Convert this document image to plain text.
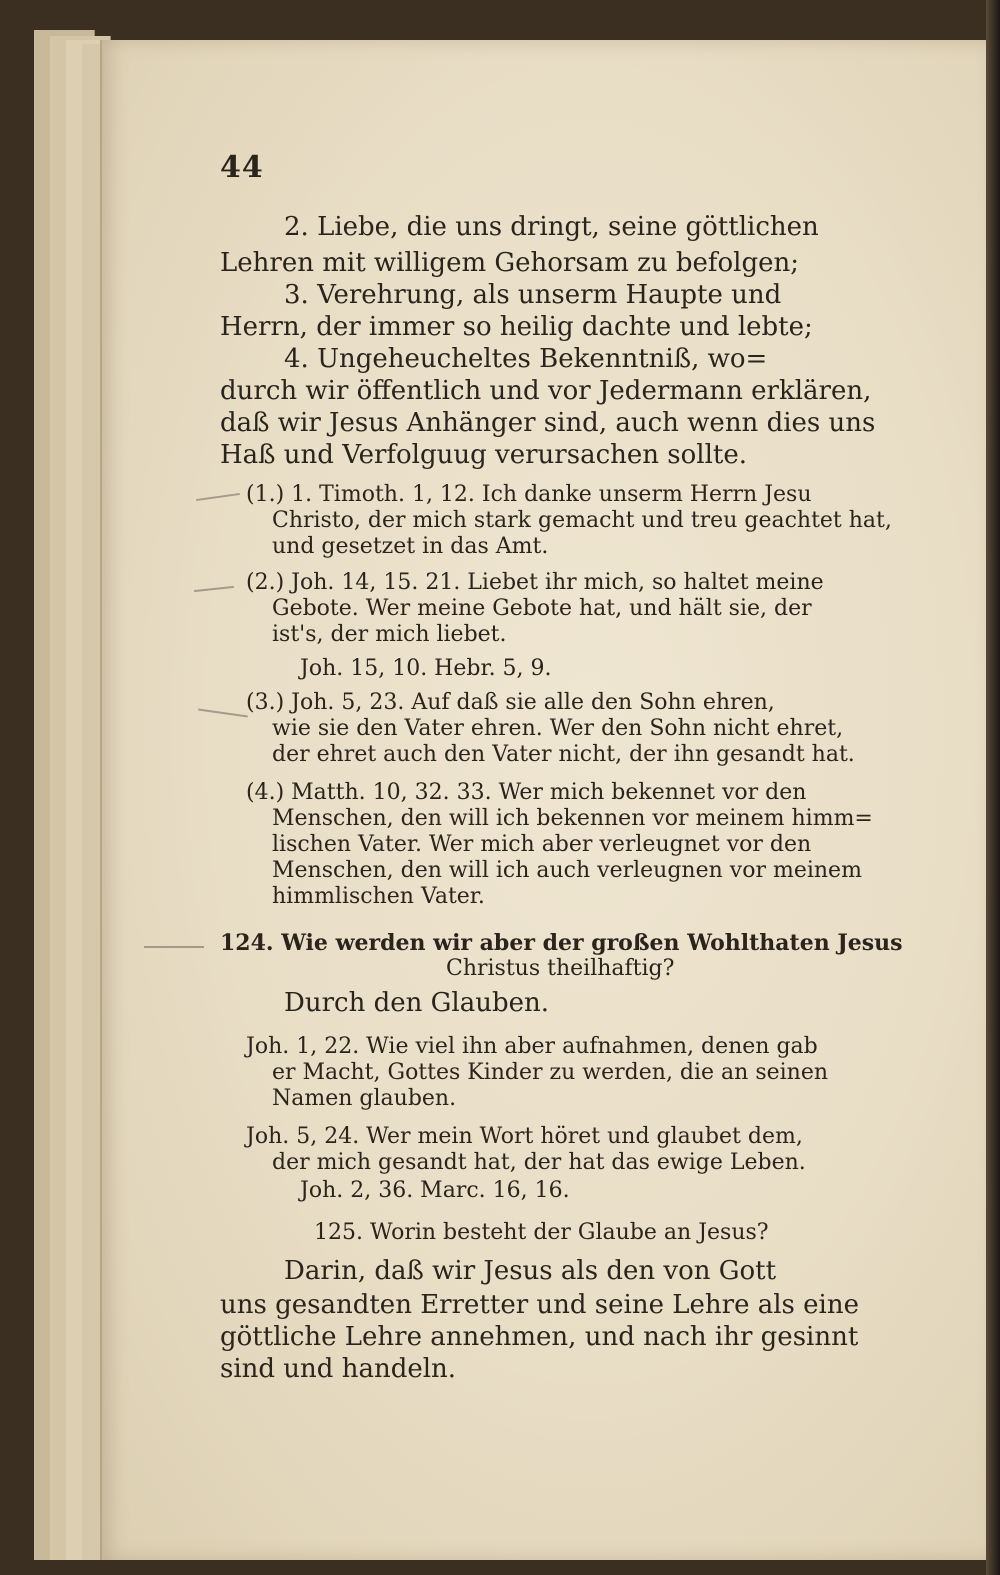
44
2. Liebe, die uns dringt, seine göttlichen
Lehren mit willigem Gehorsam zu befolgen;
3. Verehrung, als unserm Haupte und
Herrn, der immer so heilig dachte und lebte;
4. Ungeheucheltes Bekenntniß, wo=
durch wir öffentlich und vor Jedermann erklären,
daß wir Jesus Anhänger sind, auch wenn dies uns
Haß und Verfolguug verursachen sollte.
(1.) 1. Timoth. 1, 12. Ich danke unserm Herrn Jesu
Christo, der mich stark gemacht und treu geachtet hat,
und gesetzet in das Amt.
(2.) Joh. 14, 15. 21. Liebet ihr mich, so haltet meine
Gebote. Wer meine Gebote hat, und hält sie, der
ist's, der mich liebet.
Joh. 15, 10. Hebr. 5, 9.
(3.) Joh. 5, 23. Auf daß sie alle den Sohn ehren,
wie sie den Vater ehren. Wer den Sohn nicht ehret,
der ehret auch den Vater nicht, der ihn gesandt hat.
(4.) Matth. 10, 32. 33. Wer mich bekennet vor den
Menschen, den will ich bekennen vor meinem himm=
lischen Vater. Wer mich aber verleugnet vor den
Menschen, den will ich auch verleugnen vor meinem
himmlischen Vater.
124. Wie werden wir aber der großen Wohlthaten Jesus
Christus theilhaftig?
Durch den Glauben.
Joh. 1, 22. Wie viel ihn aber aufnahmen, denen gab
er Macht, Gottes Kinder zu werden, die an seinen
Namen glauben.
Joh. 5, 24. Wer mein Wort höret und glaubet dem,
der mich gesandt hat, der hat das ewige Leben.
Joh. 2, 36. Marc. 16, 16.
125. Worin besteht der Glaube an Jesus?
Darin, daß wir Jesus als den von Gott
uns gesandten Erretter und seine Lehre als eine
göttliche Lehre annehmen, und nach ihr gesinnt
sind und handeln.
